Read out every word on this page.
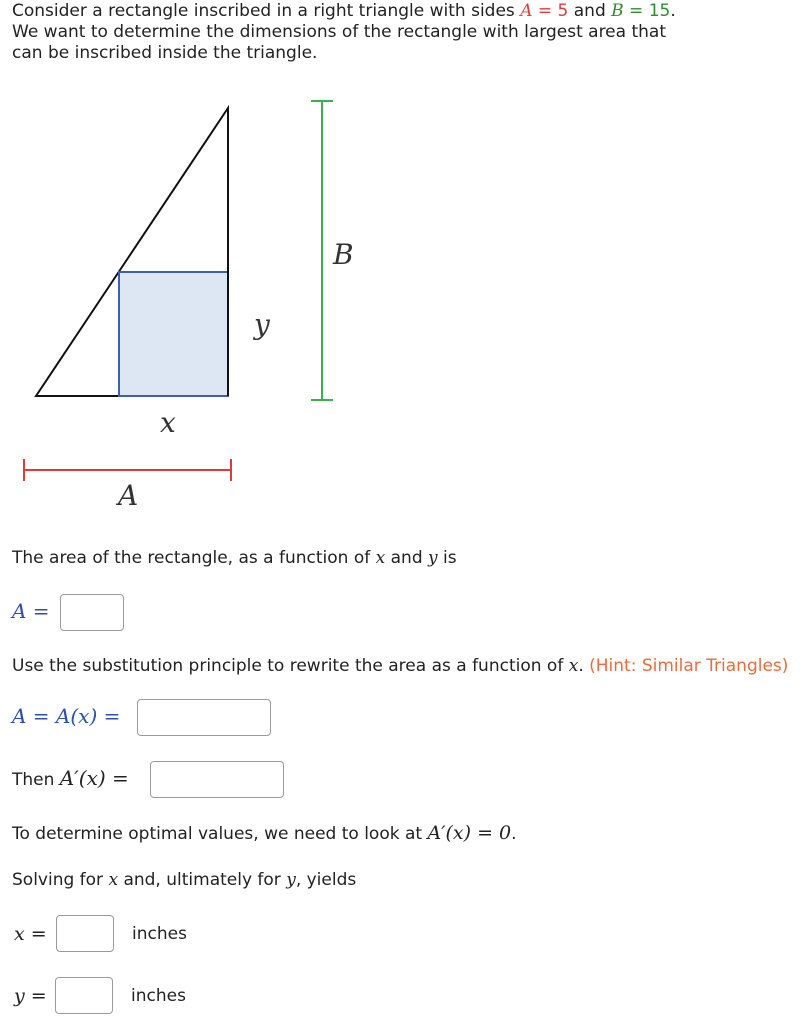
Consider a rectangle inscribed in a right triangle with sides A = 5 and B = 15.
We want to determine the dimensions of the rectangle with largest area that
can be inscribed inside the triangle.
B
y
x
A
The area of the rectangle, as a function of x and y is
A =
Use the substitution principle to rewrite the area as a function of x. (Hint: Similar Triangles)
A = A(x) =
Then A′(x) =
To determine optimal values, we need to look at A′(x) = 0.
Solving for x and, ultimately for y, yields
x =	inches
y =	inches
